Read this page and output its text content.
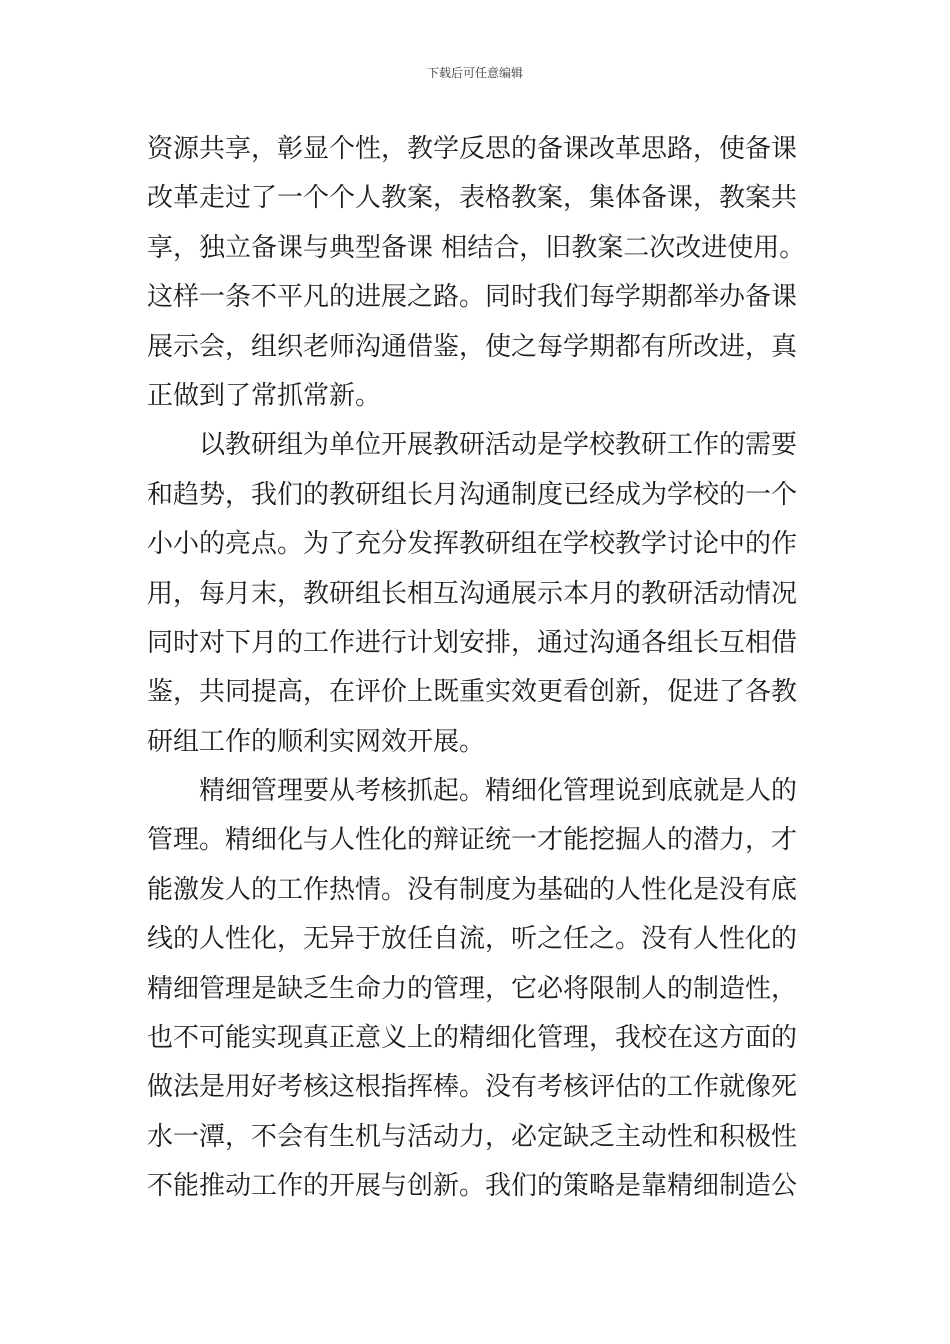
下载后可任意编辑
资源共享，彰显个性，教学反思的备课改革思路，使备课
改革走过了一个个人教案，表格教案，集体备课，教案共
享，独立备课与典型备课 相结合，旧教案二次改进使用。
这样一条不平凡的进展之路。同时我们每学期都举办备课
展示会，组织老师沟通借鉴，使之每学期都有所改进，真
正做到了常抓常新。
　　以教研组为单位开展教研活动是学校教研工作的需要
和趋势，我们的教研组长月沟通制度已经成为学校的一个
小小的亮点。为了充分发挥教研组在学校教学讨论中的作
用，每月末，教研组长相互沟通展示本月的教研活动情况
同时对下月的工作进行计划安排，通过沟通各组长互相借
鉴，共同提高，在评价上既重实效更看创新，促进了各教
研组工作的顺利实网效开展。
　　精细管理要从考核抓起。精细化管理说到底就是人的
管理。精细化与人性化的辩证统一才能挖掘人的潜力，才
能激发人的工作热情。没有制度为基础的人性化是没有底
线的人性化，无异于放任自流，听之任之。没有人性化的
精细管理是缺乏生命力的管理，它必将限制人的制造性，
也不可能实现真正意义上的精细化管理，我校在这方面的
做法是用好考核这根指挥棒。没有考核评估的工作就像死
水一潭，不会有生机与活动力，必定缺乏主动性和积极性
不能推动工作的开展与创新。我们的策略是靠精细制造公
